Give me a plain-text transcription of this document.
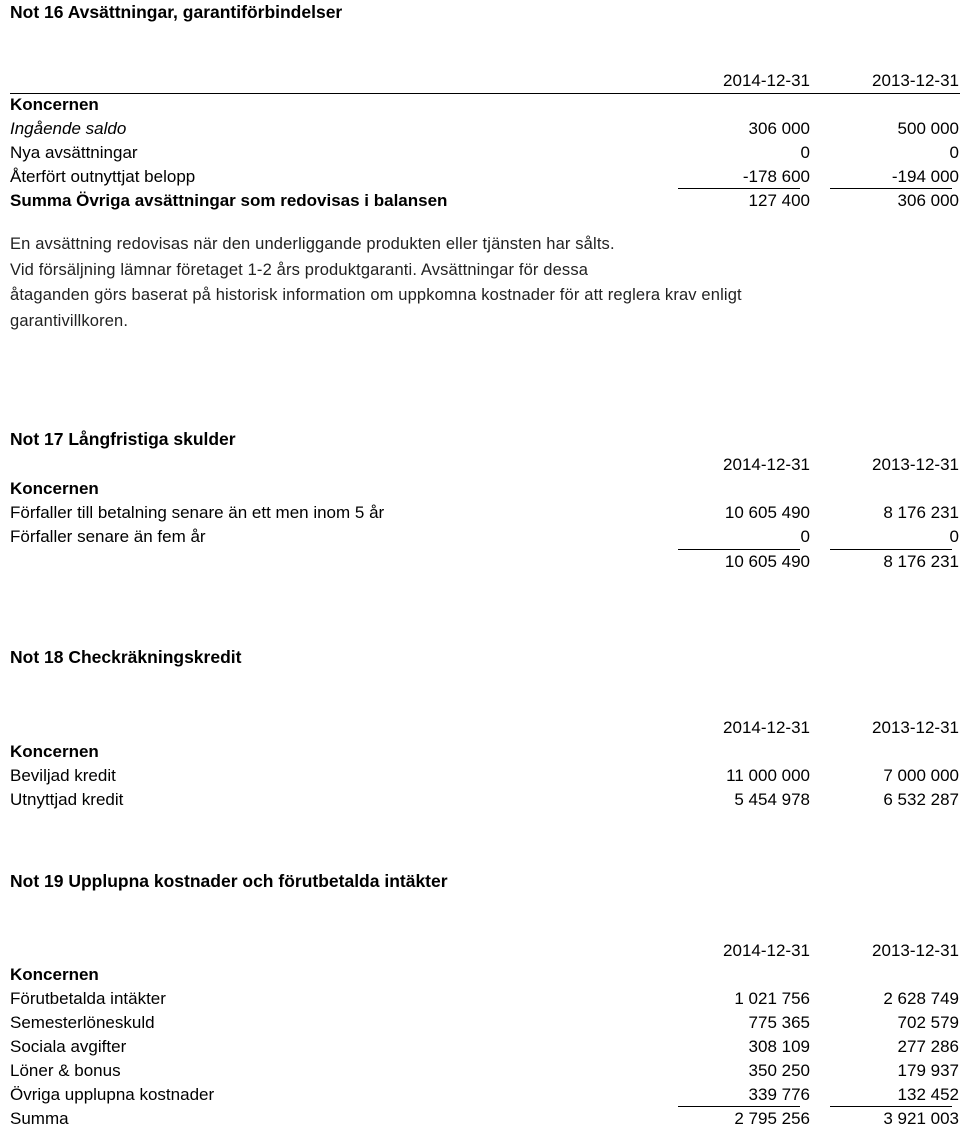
Not 16 Avsättningar, garantiförbindelser
2014-12-31	2013-12-31
Koncernen
Ingående saldo	306 000	500 000
Nya avsättningar	0	0
Återfört outnyttjat belopp	-178 600	-194 000
Summa Övriga avsättningar som redovisas i balansen	127 400	306 000
En avsättning redovisas när den underliggande produkten eller tjänsten har sålts.
Vid försäljning lämnar företaget 1-2 års produktgaranti. Avsättningar för dessa
åtaganden görs baserat på historisk information om uppkomna kostnader för att reglera krav enligt
garantivillkoren.
Not 17 Långfristiga skulder
2014-12-31	2013-12-31
Koncernen
Förfaller till betalning senare än ett men inom 5 år	10 605 490	8 176 231
Förfaller senare än fem år	0	0
10 605 490	8 176 231
Not 18 Checkräkningskredit
2014-12-31	2013-12-31
Koncernen
Beviljad kredit	11 000 000	7 000 000
Utnyttjad kredit	5 454 978	6 532 287
Not 19 Upplupna kostnader och förutbetalda intäkter
2014-12-31	2013-12-31
Koncernen
Förutbetalda intäkter	1 021 756	2 628 749
Semesterlöneskuld	775 365	702 579
Sociala avgifter	308 109	277 286
Löner & bonus	350 250	179 937
Övriga upplupna kostnader	339 776	132 452
Summa	2 795 256	3 921 003
